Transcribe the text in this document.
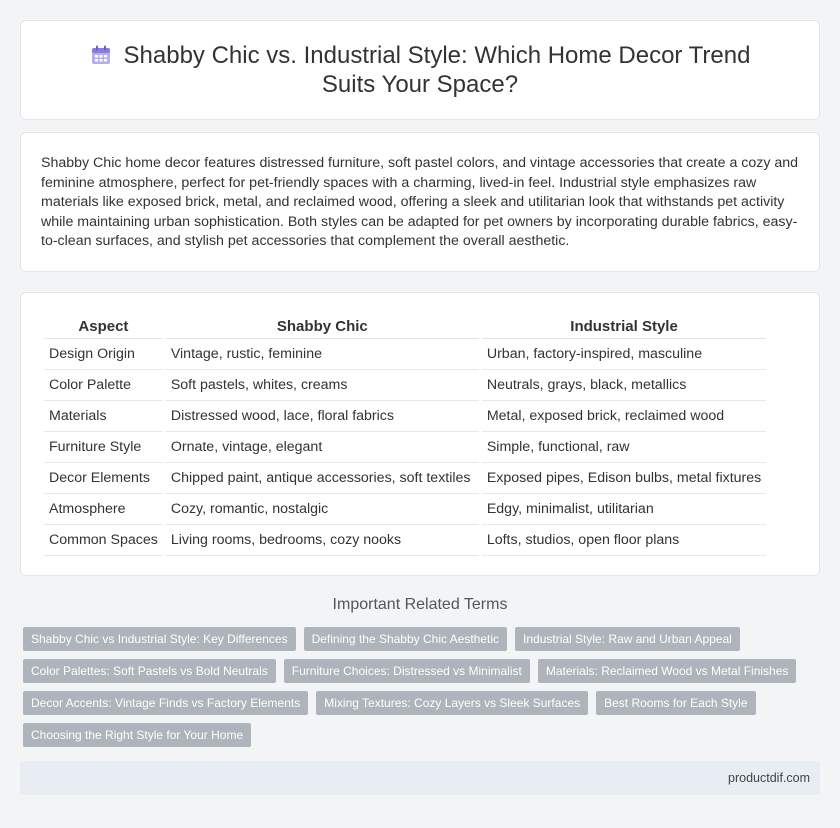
Shabby Chic vs. Industrial Style: Which Home Decor Trend Suits Your Space?

Shabby Chic home decor features distressed furniture, soft pastel colors, and vintage accessories that create a cozy and feminine atmosphere, perfect for pet-friendly spaces with a charming, lived-in feel. Industrial style emphasizes raw materials like exposed brick, metal, and reclaimed wood, offering a sleek and utilitarian look that withstands pet activity while maintaining urban sophistication. Both styles can be adapted for pet owners by incorporating durable fabrics, easy-to-clean surfaces, and stylish pet accessories that complement the overall aesthetic.

Aspect	Shabby Chic	Industrial Style
Design Origin	Vintage, rustic, feminine	Urban, factory-inspired, masculine
Color Palette	Soft pastels, whites, creams	Neutrals, grays, black, metallics
Materials	Distressed wood, lace, floral fabrics	Metal, exposed brick, reclaimed wood
Furniture Style	Ornate, vintage, elegant	Simple, functional, raw
Decor Elements	Chipped paint, antique accessories, soft textiles	Exposed pipes, Edison bulbs, metal fixtures
Atmosphere	Cozy, romantic, nostalgic	Edgy, minimalist, utilitarian
Common Spaces	Living rooms, bedrooms, cozy nooks	Lofts, studios, open floor plans
Important Related Terms
Shabby Chic vs Industrial Style: Key Differences	Defining the Shabby Chic Aesthetic	Industrial Style: Raw and Urban Appeal
Color Palettes: Soft Pastels vs Bold Neutrals	Furniture Choices: Distressed vs Minimalist	Materials: Reclaimed Wood vs Metal Finishes
Decor Accents: Vintage Finds vs Factory Elements	Mixing Textures: Cozy Layers vs Sleek Surfaces	Best Rooms for Each Style
Choosing the Right Style for Your Home
productdif.com
